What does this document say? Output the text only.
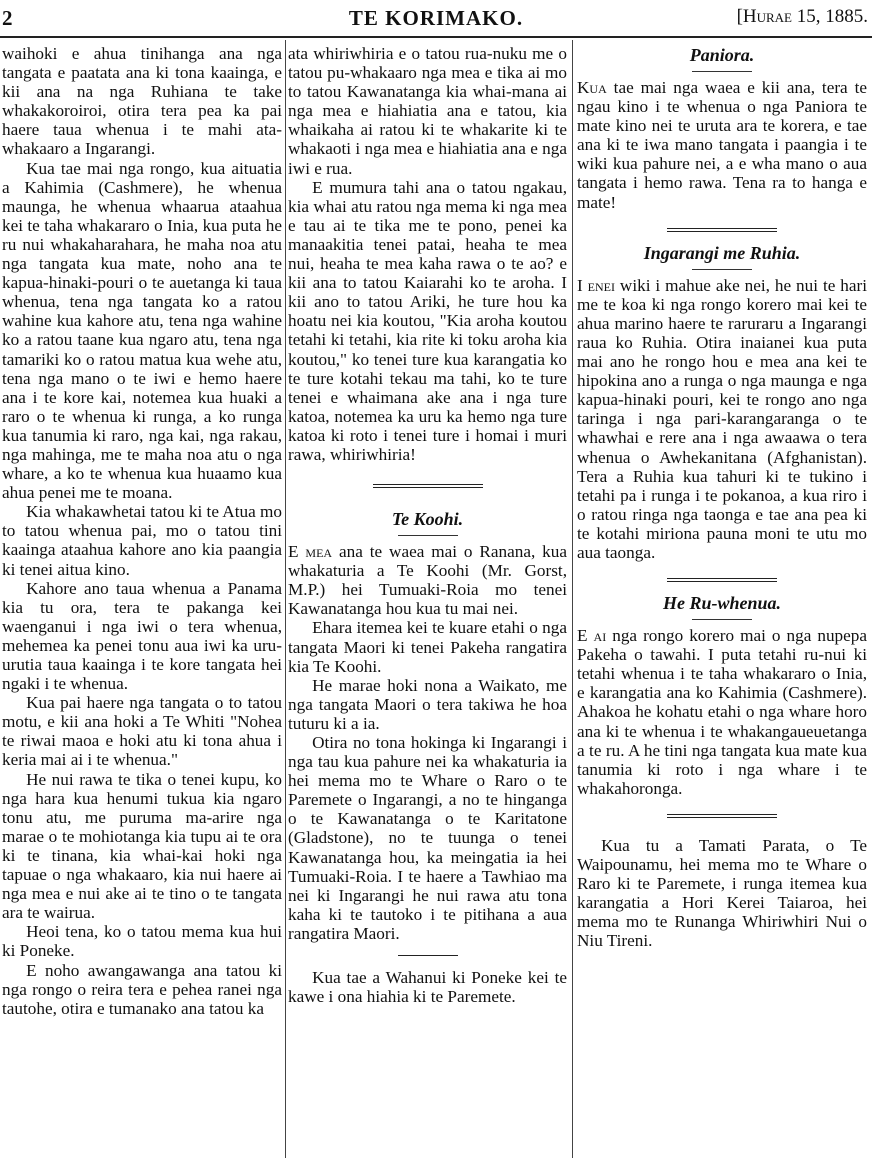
2	TE KORIMAKO.	[Hurae 15, 1885.

waihoki e ahua tinihanga ana nga tangata e paatata ana ki tona kaainga, e kii ana na nga Ruhiana te take whakakoroiroi, otira tera pea ka pai haere taua whenua i te mahi ata-whakaaro a Ingarangi.

Kua tae mai nga rongo, kua aituatia a Kahimia (Cashmere), he whenua maunga, he whenua whaarua ataahua kei te taha whakararo o Inia, kua puta he ru nui whakaharahara, he maha noa atu nga tangata kua mate, noho ana te kapua-hinaki-pouri o te auetanga ki taua whenua, tena nga tangata ko a ratou wahine kua kahore atu, tena nga wahine ko a ratou taane kua ngaro atu, tena nga tamariki ko o ratou matua kua wehe atu, tena nga mano o te iwi e hemo haere ana i te kore kai, notemea kua huaki a raro o te whenua ki runga, a ko runga kua tanumia ki raro, nga kai, nga rakau, nga mahinga, me te maha noa atu o nga whare, a ko te whenua kua huaamo kua ahua penei me te moana.

Kia whakawhetai tatou ki te Atua mo to tatou whenua pai, mo o tatou tini kaainga ataahua kahore ano kia paangia ki tenei aitua kino.

Kahore ano taua whenua a Panama kia tu ora, tera te pakanga kei waenganui i nga iwi o tera whenua, mehemea ka penei tonu aua iwi ka uru-urutia taua kaainga i te kore tangata hei ngaki i te whenua.

Kua pai haere nga tangata o to tatou motu, e kii ana hoki a Te Whiti "Nohea te riwai maoa e hoki atu ki tona ahua i keria mai ai i te whenua."

He nui rawa te tika o tenei kupu, ko nga hara kua henumi tukua kia ngaro tonu atu, me puruma ma-arire nga marae o te mohiotanga kia tupu ai te ora ki te tinana, kia whai-kai hoki nga tapuae o nga whakaaro, kia nui haere ai nga mea e nui ake ai te tino o te tangata ara te wairua.

Heoi tena, ko o tatou mema kua hui ki Poneke.

E noho awangawanga ana tatou ki nga rongo o reira tera e pehea ranei nga tautohe, otira e tumanako ana tatou ka

ata whiriwhiria e o tatou rua-nuku me o tatou pu-whakaaro nga mea e tika ai mo to tatou Kawanatanga kia whai-mana ai nga mea e hiahiatia ana e tatou, kia whaikaha ai ratou ki te whakarite ki te whakaoti i nga mea e hiahiatia ana e nga iwi e rua.

E mumura tahi ana o tatou ngakau, kia whai atu ratou nga mema ki nga mea e tau ai te tika me te pono, penei ka manaakitia tenei patai, heaha te mea nui, heaha te mea kaha rawa o te ao? e kii ana to tatou Kaiarahi ko te aroha. I kii ano to tatou Ariki, he ture hou ka hoatu nei kia koutou, "Kia aroha koutou tetahi ki tetahi, kia rite ki toku aroha kia koutou," ko tenei ture kua karangatia ko te ture kotahi tekau ma tahi, ko te ture tenei e whaimana ake ana i nga ture katoa, notemea ka uru ka hemo nga ture katoa ki roto i tenei ture i homai i muri rawa, whiriwhiria!

Te Koohi.

E mea ana te waea mai o Ranana, kua whakaturia a Te Koohi (Mr. Gorst, M.P.) hei Tumuaki-Roia mo tenei Kawanatanga hou kua tu mai nei.

Ehara itemea kei te kuare etahi o nga tangata Maori ki tenei Pakeha rangatira kia Te Koohi.

He marae hoki nona a Waikato, me nga tangata Maori o tera takiwa he hoa tuturu ki a ia.

Otira no tona hokinga ki Ingarangi i nga tau kua pahure nei ka whakaturia ia hei mema mo te Whare o Raro o te Paremete o Ingarangi, a no te hinganga o te Kawanatanga o te Karitatone (Gladstone), no te tuunga o tenei Kawanatanga hou, ka meingatia ia hei Tumuaki-Roia. I te haere a Tawhiao ma nei ki Ingarangi he nui rawa atu tona kaha ki te tautoko i te pitihana a aua rangatira Maori.

Kua tae a Wahanui ki Poneke kei te kawe i ona hiahia ki te Paremete.

Paniora.

Kua tae mai nga waea e kii ana, tera te ngau kino i te whenua o nga Paniora te mate kino nei te uruta ara te korera, e tae ana ki te iwa mano tangata i paangia i te wiki kua pahure nei, a e wha mano o aua tangata i hemo rawa. Tena ra to hanga e mate!

Ingarangi me Ruhia.

I enei wiki i mahue ake nei, he nui te hari me te koa ki nga rongo korero mai kei te ahua marino haere te raruraru a Ingarangi raua ko Ruhia. Otira inaianei kua puta mai ano he rongo hou e mea ana kei te hipokina ano a runga o nga maunga e nga kapua-hinaki pouri, kei te rongo ano nga taringa i nga pari-karangaranga o te whawhai e rere ana i nga awaawa o tera whenua o Awhekanitana (Afghanistan). Tera a Ruhia kua tahuri ki te tukino i tetahi pa i runga i te pokanoa, a kua riro i o ratou ringa nga taonga e tae ana pea ki te kotahi miriona pauna moni te utu mo aua taonga.

He Ru-whenua.

E ai nga rongo korero mai o nga nupepa Pakeha o tawahi. I puta tetahi ru-nui ki tetahi whenua i te taha whakararo o Inia, e karangatia ana ko Kahimia (Cashmere). Ahakoa he kohatu etahi o nga whare horo ana ki te whenua i te whakangaueuetanga a te ru. A he tini nga tangata kua mate kua tanumia ki roto i nga whare i te whakahoronga.

Kua tu a Tamati Parata, o Te Waipounamu, hei mema mo te Whare o Raro ki te Paremete, i runga itemea kua karangatia a Hori Kerei Taiaroa, hei mema mo te Runanga Whiriwhiri Nui o Niu Tireni.
